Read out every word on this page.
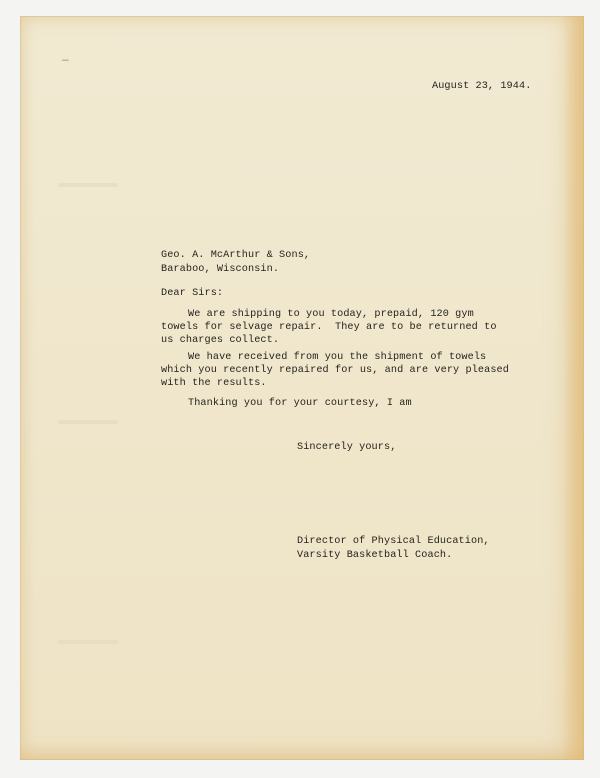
—
August 23, 1944.
Geo. A. McArthur & Sons,
Baraboo, Wisconsin.
Dear Sirs:
We are shipping to you today, prepaid, 120 gym
towels for selvage repair.  They are to be returned to
us charges collect.
We have received from you the shipment of towels
which you recently repaired for us, and are very pleased
with the results.
Thanking you for your courtesy, I am
Sincerely yours,
Director of Physical Education,
Varsity Basketball Coach.
